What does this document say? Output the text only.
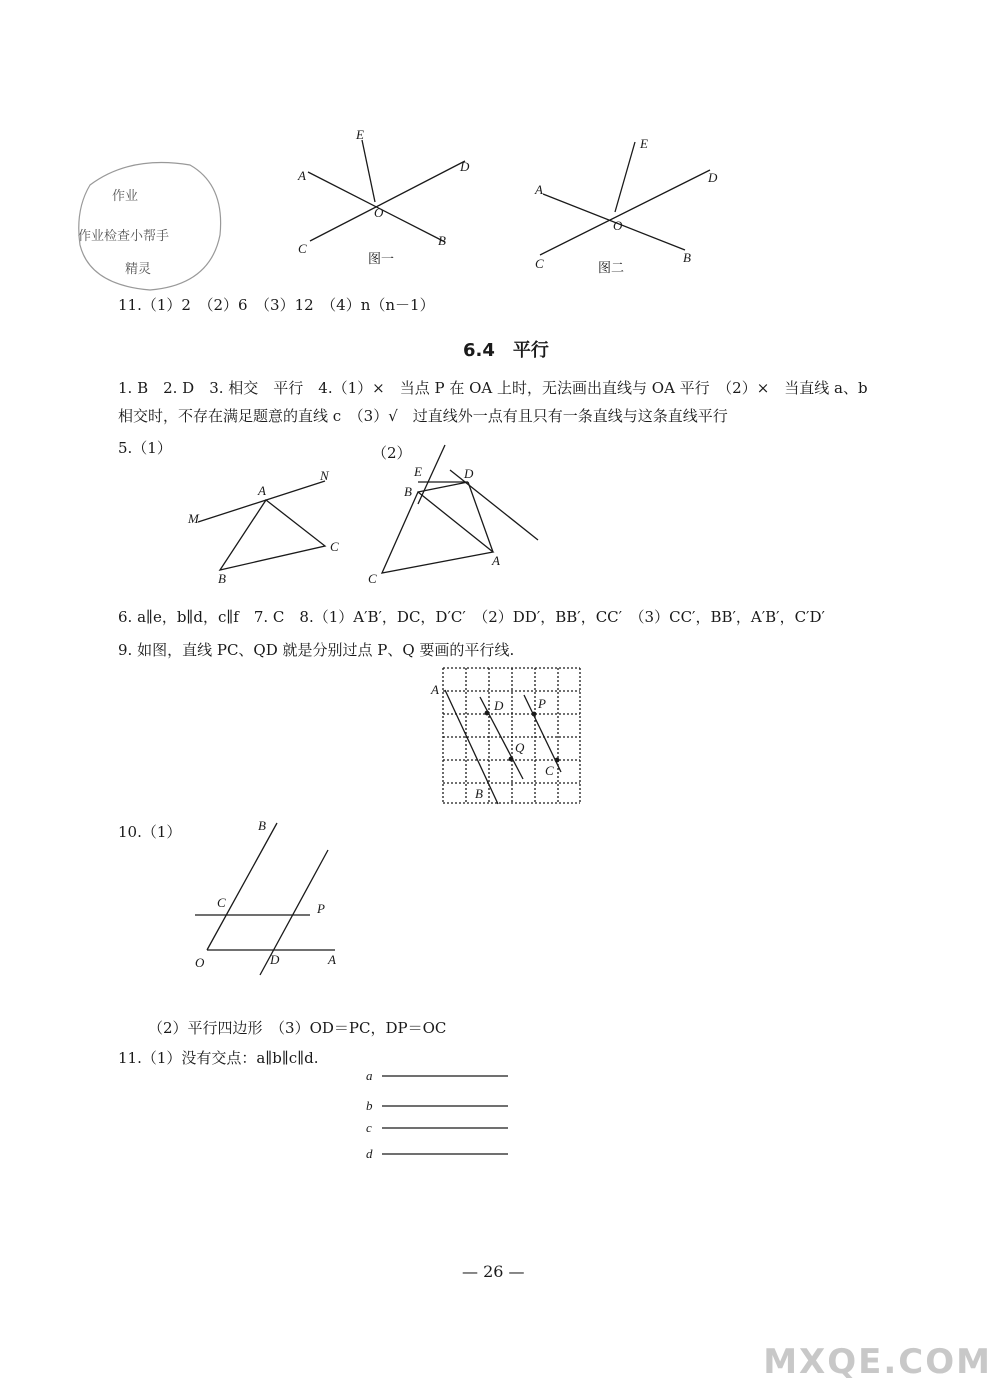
作业
作业检查小帮手
精灵
E
D
A
O
C
B
图一
E
D
A
O
C	B
图二
11.（1）2　（2）6　（3）12　（4）n（n－1）
6.4　平行
1. B　2. D　3. 相交　平行　4.（1）×　当点 P 在 OA 上时，无法画出直线与 OA 平行　（2）×　当直线 a、b
相交时，不存在满足题意的直线 c　（3）√　过直线外一点有且只有一条直线与这条直线平行
5.（1）	（2）
M
N
A
C
B
E	D
B
A
C
6. a∥e，b∥d，c∥f　7. C　8.（1）A′B′，DC，D′C′　（2）DD′，BB′，CC′　（3）CC′，BB′，A′B′，C′D′
9. 如图，直线 PC、QD 就是分别过点 P、Q 要画的平行线.
A
D	P
Q
C
B
10.（1）	B
C	P
O	D	A
（2）平行四边形　（3）OD＝PC，DP＝OC
11.（1）没有交点：a∥b∥c∥d.
a
b
c
d
— 26 —
MXQE.COM
